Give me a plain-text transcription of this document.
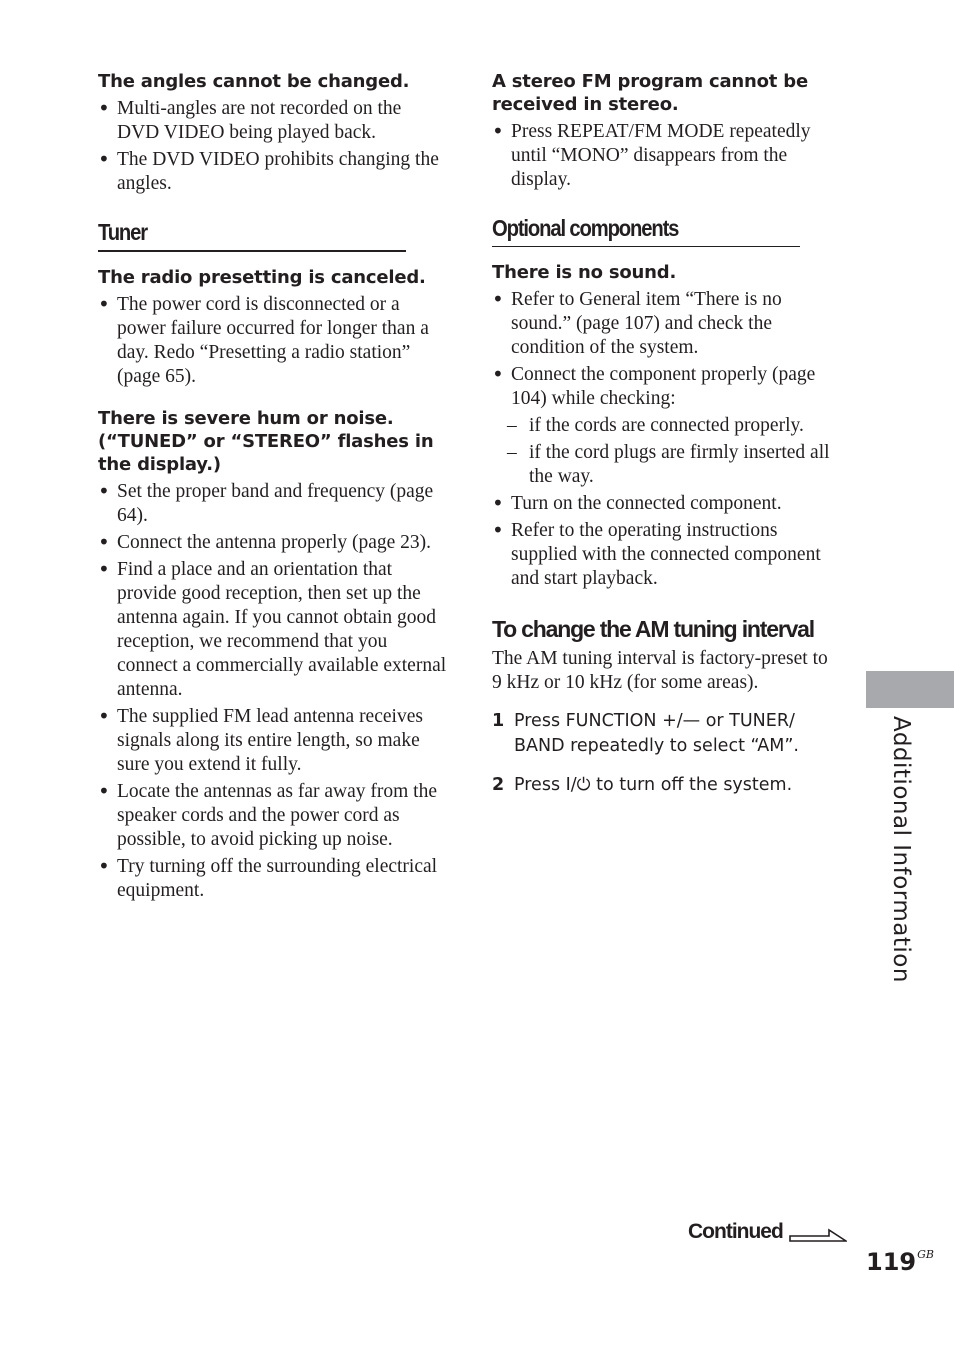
The angles cannot be changed.
• Multi-angles are not recorded on the DVD VIDEO being played back.
• The DVD VIDEO prohibits changing the angles.
Tuner
The radio presetting is canceled.
• The power cord is disconnected or a power failure occurred for longer than a day. Redo “Presetting a radio station” (page 65).
There is severe hum or noise. (“TUNED” or “STEREO” flashes in the display.)
• Set the proper band and frequency (page 64).
• Connect the antenna properly (page 23).
• Find a place and an orientation that provide good reception, then set up the antenna again. If you cannot obtain good reception, we recommend that you connect a commercially available external antenna.
• The supplied FM lead antenna receives signals along its entire length, so make sure you extend it fully.
• Locate the antennas as far away from the speaker cords and the power cord as possible, to avoid picking up noise.
• Try turning off the surrounding electrical equipment.
A stereo FM program cannot be received in stereo.
• Press REPEAT/FM MODE repeatedly until “MONO” disappears from the display.
Optional components
There is no sound.
• Refer to General item “There is no sound.” (page 107) and check the condition of the system.
• Connect the component properly (page 104) while checking:
– if the cords are connected properly.
– if the cord plugs are firmly inserted all the way.
• Turn on the connected component.
• Refer to the operating instructions supplied with the connected component and start playback.
To change the AM tuning interval
The AM tuning interval is factory-preset to 9 kHz or 10 kHz (for some areas).
1 Press FUNCTION +/— or TUNER/ BAND repeatedly to select “AM”.
2 Press I/⏻ to turn off the system.	Additional Information
Continued
$119^{GB}$
